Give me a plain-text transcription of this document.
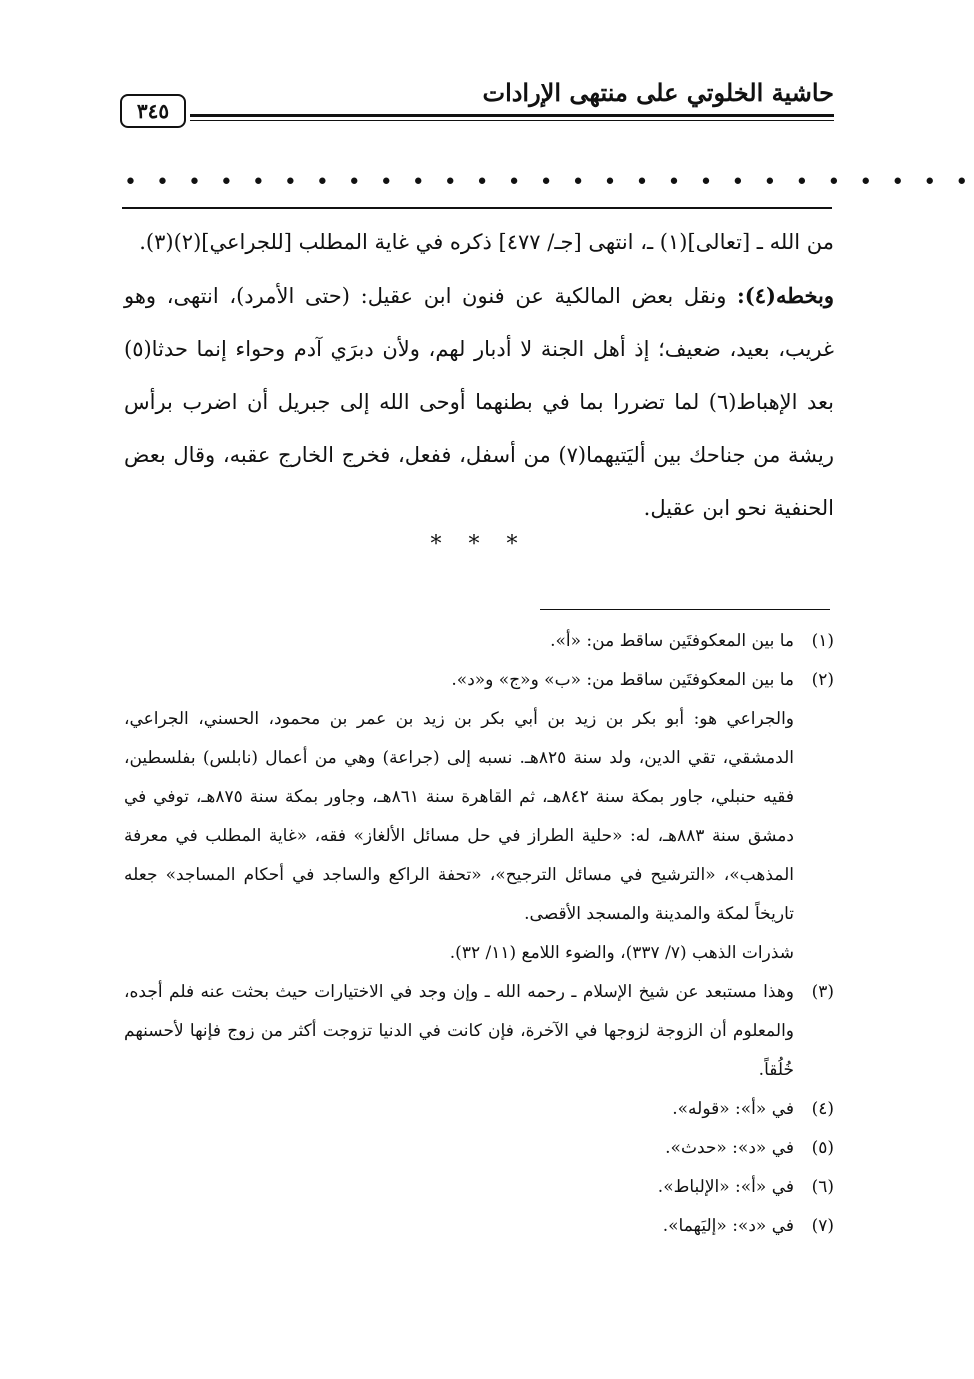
٣٤٥
حاشية الخلوتي على منتهى الإرادات
• • • • • • • • • • • • • • • • • • • • • • • • • • •

من الله ـ [تعالى](١) ـ، انتهى [جـ/ ٤٧٧] ذكره في غاية المطلب [للجراعي](٢)(٣).

وبخطه(٤): ونقل بعض المالكية عن فنون ابن عقيل: (حتى الأمرد)، انتهى، وهو غريب، بعيد، ضعيف؛ إذ أهل الجنة لا أدبار لهم، ولأن دبرَي آدم وحواء إنما حدثا(٥) بعد الإهباط(٦) لما تضررا بما في بطنهما أوحى الله إلى جبريل أن اضرب برأس ريشة من جناحك بين أليَتيهما(٧) من أسفل، ففعل، فخرج الخارج عقبه، وقال بعض الحنفية نحو ابن عقيل.

* * *
(١)
ما بين المعكوفتَين ساقط من: «أ».
(٢)
ما بين المعكوفتَين ساقط من: «ب» و«ج» و«د».

والجراعي هو: أبو بكر بن زيد بن أبي بكر بن زيد بن عمر بن محمود، الحسني، الجراعي، الدمشقي، تقي الدين، ولد سنة ٨٢٥هـ. نسبه إلى (جراعة) وهي من أعمال (نابلس) بفلسطين، فقيه حنبلي، جاور بمكة سنة ٨٤٢هـ، ثم القاهرة سنة ٨٦١هـ، وجاور بمكة سنة ٨٧٥هـ، توفي في دمشق سنة ٨٨٣هـ، له: «حلية الطراز في حل مسائل الألغاز» فقه، «غاية المطلب في معرفة المذهب»، «الترشيح في مسائل الترجيح»، «تحفة الراكع والساجد في أحكام المساجد» جعله تاريخاً لمكة والمدينة والمسجد الأقصى.

شذرات الذهب (٧/ ٣٣٧)، والضوء اللامع (١١/ ٣٢).

(٣)
وهذا مستبعد عن شيخ الإسلام ـ رحمه الله ـ وإن وجد في الاختيارات حيث بحثت عنه فلم أجده، والمعلوم أن الزوجة لزوجها في الآخرة، فإن كانت في الدنيا تزوجت أكثر من زوج فإنها لأحسنهم خُلُقاً.
(٤)
في «أ»: «قوله».
(٥)
في «د»: «حدث».
(٦)
في «أ»: «الإلباط».
(٧)
في «د»: «إليَهما».
